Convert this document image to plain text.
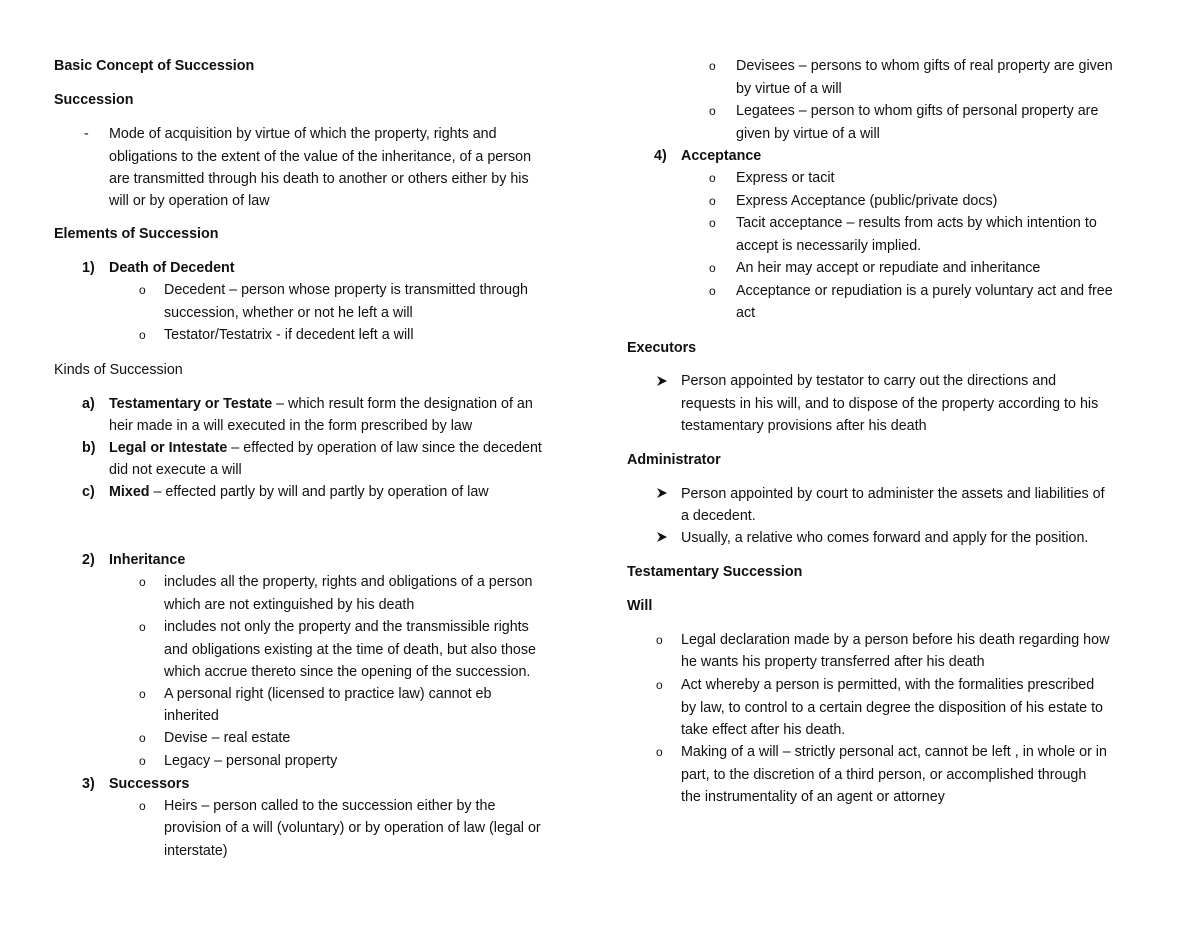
Basic Concept of Succession
Succession
- Mode of acquisition by virtue of which the property, rights and
obligations to the extent of the value of the inheritance, of a person
are transmitted through his death to another or others either by his
will or by operation of law
Elements of Succession
1) Death of Decedent
o Decedent – person whose property is transmitted through
succession, whether or not he left a will
o Testator/Testatrix - if decedent left a will
Kinds of Succession
a) Testamentary or Testate – which result form the designation of an
heir made in a will executed in the form prescribed by law
b) Legal or Intestate – effected by operation of law since the decedent
did not execute a will
c) Mixed – effected partly by will and partly by operation of law
2) Inheritance
o includes all the property, rights and obligations of a person
which are not extinguished by his death
o includes not only the property and the transmissible rights
and obligations existing at the time of death, but also those
which accrue thereto since the opening of the succession.
o A personal right (licensed to practice law) cannot eb
inherited
o Devise – real estate
o Legacy – personal property
3) Successors
o Heirs – person called to the succession either by the
provision of a will (voluntary) or by operation of law (legal or
interstate)
o Devisees – persons to whom gifts of real property are given
by virtue of a will
o Legatees – person to whom gifts of personal property are
given by virtue of a will
4) Acceptance
o Express or tacit
o Express Acceptance (public/private docs)
o Tacit acceptance – results from acts by which intention to
accept is necessarily implied.
o An heir may accept or repudiate and inheritance
o Acceptance or repudiation is a purely voluntary act and free
act
Executors
Person appointed by testator to carry out the directions and
requests in his will, and to dispose of the property according to his
testamentary provisions after his death
Administrator
Person appointed by court to administer the assets and liabilities of
a decedent.
Usually, a relative who comes forward and apply for the position.
Testamentary Succession
Will
o Legal declaration made by a person before his death regarding how
he wants his property transferred after his death
o Act whereby a person is permitted, with the formalities prescribed
by law, to control to a certain degree the disposition of his estate to
take effect after his death.
o Making of a will – strictly personal act, cannot be left , in whole or in
part, to the discretion of a third person, or accomplished through
the instrumentality of an agent or attorney
